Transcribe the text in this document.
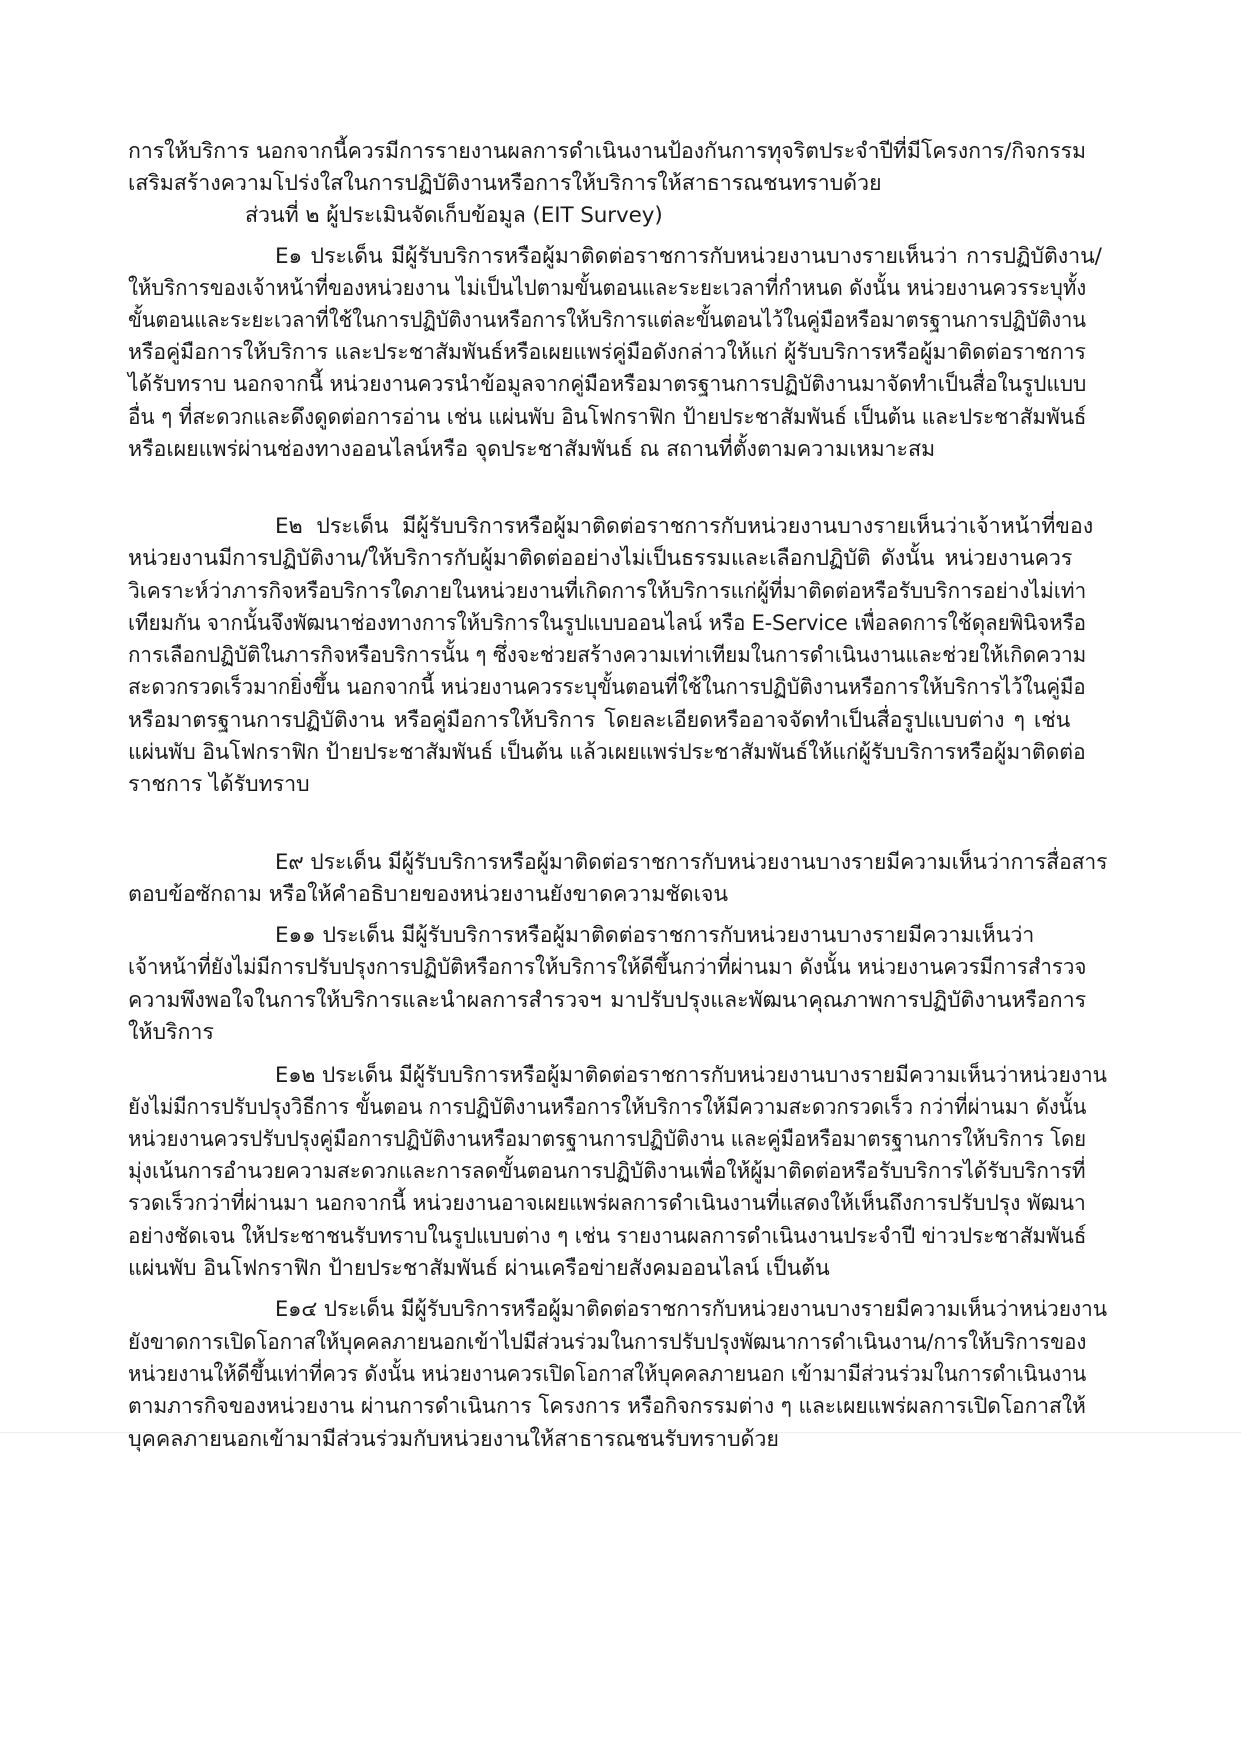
การให้บริการ นอกจากนี้ควรมีการรายงานผลการดำเนินงานป้องกันการทุจริตประจำปีที่มีโครงการ/กิจกรรม
เสริมสร้างความโปร่งใสในการปฏิบัติงานหรือการให้บริการให้สาธารณชนทราบด้วย
ส่วนที่ ๒ ผู้ประเมินจัดเก็บข้อมูล (EIT Survey)
E๑ ประเด็น มีผู้รับบริการหรือผู้มาติดต่อราชการกับหน่วยงานบางรายเห็นว่า การปฏิบัติงาน/
ให้บริการของเจ้าหน้าที่ของหน่วยงาน ไม่เป็นไปตามขั้นตอนและระยะเวลาที่กำหนด ดังนั้น หน่วยงานควรระบุทั้ง
ขั้นตอนและระยะเวลาที่ใช้ในการปฏิบัติงานหรือการให้บริการแต่ละขั้นตอนไว้ในคู่มือหรือมาตรฐานการปฏิบัติงาน
หรือคู่มือการให้บริการ และประชาสัมพันธ์หรือเผยแพร่คู่มือดังกล่าวให้แก่ ผู้รับบริการหรือผู้มาติดต่อราชการ
ได้รับทราบ นอกจากนี้ หน่วยงานควรนำข้อมูลจากคู่มือหรือมาตรฐานการปฏิบัติงานมาจัดทำเป็นสื่อในรูปแบบ
อื่น ๆ ที่สะดวกและดึงดูดต่อการอ่าน เช่น แผ่นพับ อินโฟกราฟิก ป้ายประชาสัมพันธ์ เป็นต้น และประชาสัมพันธ์
หรือเผยแพร่ผ่านช่องทางออนไลน์หรือ จุดประชาสัมพันธ์ ณ สถานที่ตั้งตามความเหมาะสม
E๒ ประเด็น มีผู้รับบริการหรือผู้มาติดต่อราชการกับหน่วยงานบางรายเห็นว่าเจ้าหน้าที่ของ
หน่วยงานมีการปฏิบัติงาน/ให้บริการกับผู้มาติดต่ออย่างไม่เป็นธรรมและเลือกปฏิบัติ ดังนั้น หน่วยงานควร
วิเคราะห์ว่าภารกิจหรือบริการใดภายในหน่วยงานที่เกิดการให้บริการแก่ผู้ที่มาติดต่อหรือรับบริการอย่างไม่เท่า
เทียมกัน จากนั้นจึงพัฒนาช่องทางการให้บริการในรูปแบบออนไลน์ หรือ E-Service เพื่อลดการใช้ดุลยพินิจหรือ
การเลือกปฏิบัติในภารกิจหรือบริการนั้น ๆ ซึ่งจะช่วยสร้างความเท่าเทียมในการดำเนินงานและช่วยให้เกิดความ
สะดวกรวดเร็วมากยิ่งขึ้น นอกจากนี้ หน่วยงานควรระบุขั้นตอนที่ใช้ในการปฏิบัติงานหรือการให้บริการไว้ในคู่มือ
หรือมาตรฐานการปฏิบัติงาน หรือคู่มือการให้บริการ โดยละเอียดหรืออาจจัดทำเป็นสื่อรูปแบบต่าง ๆ เช่น
แผ่นพับ อินโฟกราฟิก ป้ายประชาสัมพันธ์ เป็นต้น แล้วเผยแพร่ประชาสัมพันธ์ให้แก่ผู้รับบริการหรือผู้มาติดต่อ
ราชการ ได้รับทราบ
E๙ ประเด็น มีผู้รับบริการหรือผู้มาติดต่อราชการกับหน่วยงานบางรายมีความเห็นว่าการสื่อสาร
ตอบข้อซักถาม หรือให้คำอธิบายของหน่วยงานยังขาดความชัดเจน
E๑๑ ประเด็น มีผู้รับบริการหรือผู้มาติดต่อราชการกับหน่วยงานบางรายมีความเห็นว่า
เจ้าหน้าที่ยังไม่มีการปรับปรุงการปฏิบัติหรือการให้บริการให้ดีขึ้นกว่าที่ผ่านมา ดังนั้น หน่วยงานควรมีการสำรวจ
ความพึงพอใจในการให้บริการและนำผลการสำรวจฯ มาปรับปรุงและพัฒนาคุณภาพการปฏิบัติงานหรือการ
ให้บริการ
E๑๒ ประเด็น มีผู้รับบริการหรือผู้มาติดต่อราชการกับหน่วยงานบางรายมีความเห็นว่าหน่วยงาน
ยังไม่มีการปรับปรุงวิธีการ ขั้นตอน การปฏิบัติงานหรือการให้บริการให้มีความสะดวกรวดเร็ว กว่าที่ผ่านมา ดังนั้น
หน่วยงานควรปรับปรุงคู่มือการปฏิบัติงานหรือมาตรฐานการปฏิบัติงาน และคู่มือหรือมาตรฐานการให้บริการ โดย
มุ่งเน้นการอำนวยความสะดวกและการลดขั้นตอนการปฏิบัติงานเพื่อให้ผู้มาติดต่อหรือรับบริการได้รับบริการที่
รวดเร็วกว่าที่ผ่านมา นอกจากนี้ หน่วยงานอาจเผยแพร่ผลการดำเนินงานที่แสดงให้เห็นถึงการปรับปรุง พัฒนา
อย่างชัดเจน ให้ประชาชนรับทราบในรูปแบบต่าง ๆ เช่น รายงานผลการดำเนินงานประจำปี ข่าวประชาสัมพันธ์
แผ่นพับ อินโฟกราฟิก ป้ายประชาสัมพันธ์ ผ่านเครือข่ายสังคมออนไลน์ เป็นต้น
E๑๔ ประเด็น มีผู้รับบริการหรือผู้มาติดต่อราชการกับหน่วยงานบางรายมีความเห็นว่าหน่วยงาน
ยังขาดการเปิดโอกาสให้บุคคลภายนอกเข้าไปมีส่วนร่วมในการปรับปรุงพัฒนาการดำเนินงาน/การให้บริการของ
หน่วยงานให้ดีขึ้นเท่าที่ควร ดังนั้น หน่วยงานควรเปิดโอกาสให้บุคคลภายนอก เข้ามามีส่วนร่วมในการดำเนินงาน
ตามภารกิจของหน่วยงาน ผ่านการดำเนินการ โครงการ หรือกิจกรรมต่าง ๆ และเผยแพร่ผลการเปิดโอกาสให้
บุคคลภายนอกเข้ามามีส่วนร่วมกับหน่วยงานให้สาธารณชนรับทราบด้วย
